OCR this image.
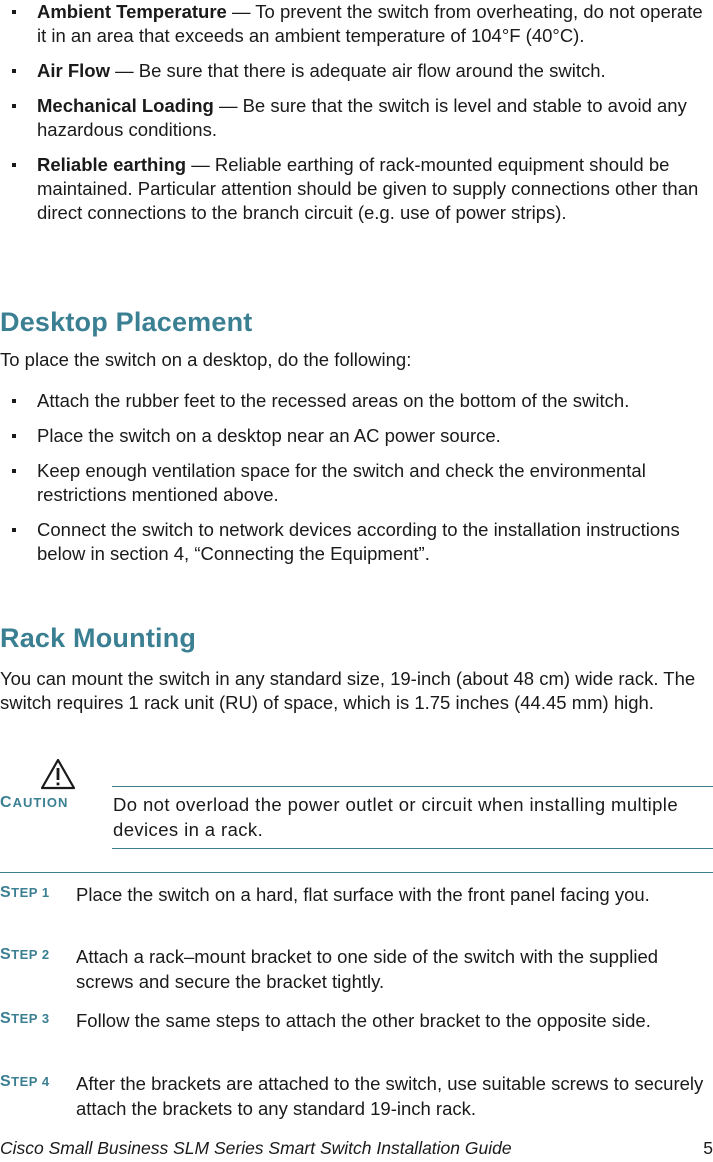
Ambient Temperature — To prevent the switch from overheating, do not operate it in an area that exceeds an ambient temperature of 104°F (40°C).
Air Flow — Be sure that there is adequate air flow around the switch.
Mechanical Loading — Be sure that the switch is level and stable to avoid any hazardous conditions.
Reliable earthing — Reliable earthing of rack-mounted equipment should be maintained. Particular attention should be given to supply connections other than direct connections to the branch circuit (e.g. use of power strips).
Desktop Placement

To place the switch on a desktop, do the following:

Attach the rubber feet to the recessed areas on the bottom of the switch.
Place the switch on a desktop near an AC power source.
Keep enough ventilation space for the switch and check the environmental restrictions mentioned above.
Connect the switch to network devices according to the installation instructions below in section 4, “Connecting the Equipment”.
Rack Mounting

You can mount the switch in any standard size, 19-inch (about 48 cm) wide rack. The switch requires 1 rack unit (RU) of space, which is 1.75 inches (44.45 mm) high.

CAUTION	Do not overload the power outlet or circuit when installing multiple devices in a rack.
STEP 1 Place the switch on a hard, flat surface with the front panel facing you.
STEP 2 Attach a rack–mount bracket to one side of the switch with the supplied screws and secure the bracket tightly.
STEP 3 Follow the same steps to attach the other bracket to the opposite side.
STEP 4 After the brackets are attached to the switch, use suitable screws to securely attach the brackets to any standard 19-inch rack.
Cisco Small Business SLM Series Smart Switch Installation Guide	5
